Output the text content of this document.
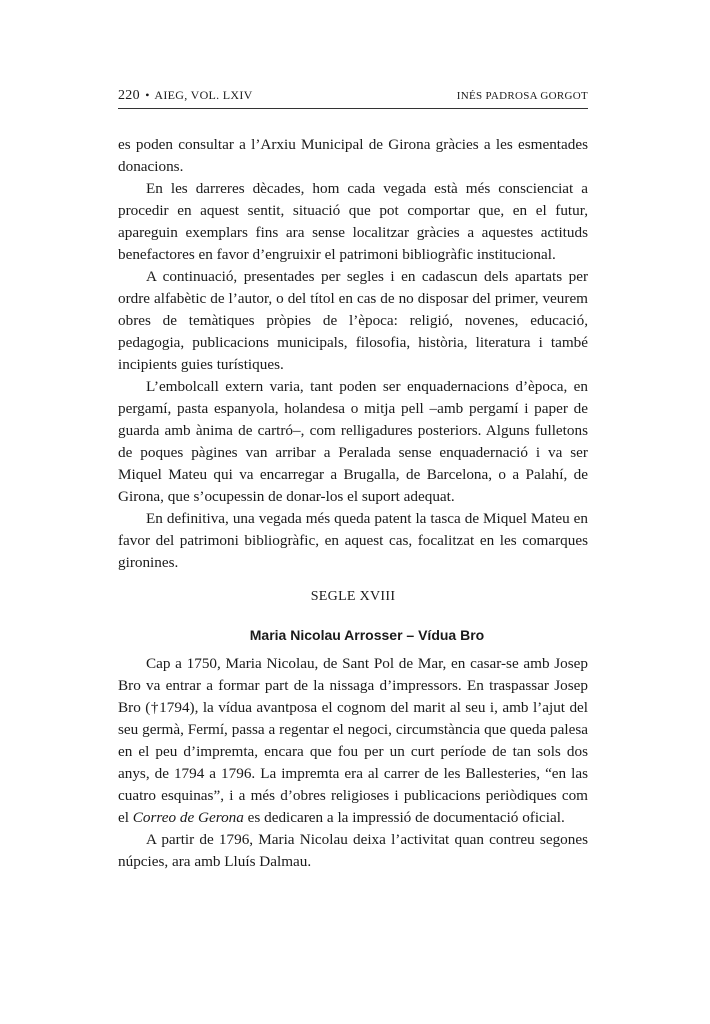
220 • AIEG, VOL. LXIV	INÉS PADROSA GORGOT

es poden consultar a l’Arxiu Municipal de Girona gràcies a les esmentades donacions.

En les darreres dècades, hom cada vegada està més conscienciat a procedir en aquest sentit, situació que pot comportar que, en el futur, apareguin exemplars fins ara sense localitzar gràcies a aquestes actituds benefactores en favor d’engruixir el patrimoni bibliogràfic institucional.

A continuació, presentades per segles i en cadascun dels apartats per ordre alfabètic de l’autor, o del títol en cas de no disposar del primer, veurem obres de temàtiques pròpies de l’època: religió, novenes, educació, pedagogia, publicacions municipals, filosofia, història, literatura i també incipients guies turístiques.

L’embolcall extern varia, tant poden ser enquadernacions d’època, en pergamí, pasta espanyola, holandesa o mitja pell –amb pergamí i paper de guarda amb ànima de cartró–, com relligadures posteriors. Alguns fulletons de poques pàgines van arribar a Peralada sense enquadernació i va ser Miquel Mateu qui va encarregar a Brugalla, de Barcelona, o a Palahí, de Girona, que s’ocupessin de donar-los el suport adequat.

En definitiva, una vegada més queda patent la tasca de Miquel Mateu en favor del patrimoni bibliogràfic, en aquest cas, focalitzat en les comarques gironines.

SEGLE XVIII

Maria Nicolau Arrosser – Vídua Bro

Cap a 1750, Maria Nicolau, de Sant Pol de Mar, en casar-se amb Josep Bro va entrar a formar part de la nissaga d’impressors. En traspassar Josep Bro (†1794), la vídua avantposa el cognom del marit al seu i, amb l’ajut del seu germà, Fermí, passa a regentar el negoci, circumstància que queda palesa en el peu d’impremta, encara que fou per un curt període de tan sols dos anys, de 1794 a 1796. La impremta era al carrer de les Ballesteries, “en las cuatro esquinas”, i a més d’obres religioses i publicacions periòdiques com el Correo de Gerona es dedicaren a la impressió de documentació oficial.

A partir de 1796, Maria Nicolau deixa l’activitat quan contreu segones núpcies, ara amb Lluís Dalmau.
